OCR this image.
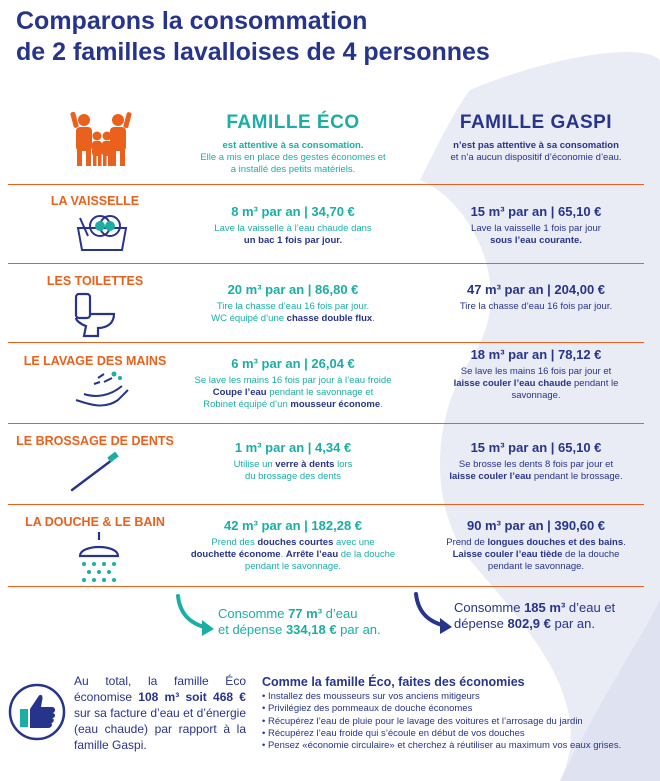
Comparons la consommation
de 2 familles lavalloises de 4 personnes
FAMILLE ÉCO
est attentive à sa consomation.
Elle a mis en place des gestes économes et
a installé des petits matériels.
FAMILLE GASPI
n’est pas attentive à sa consomation
et n’a aucun dispositif d’économie d’eau.
LA VAISSELLE
8 m³ par an | 34,70 €
Lave la vaisselle à l’eau chaude dans
un bac 1 fois par jour.
15 m³ par an | 65,10 €
Lave la vaisselle 1 fois par jour
sous l’eau courante.
LES TOILETTES
20 m³ par an | 86,80 €
Tire la chasse d’eau 16 fois par jour.
WC équipé d’une chasse double flux.
47 m³ par an | 204,00 €
Tire la chasse d’eau 16 fois par jour.
LE LAVAGE DES MAINS	6 m³ par an | 26,04 €
Se lave les mains 16 fois par jour à l’eau froide
Coupe l’eau pendant le savonnage et
Robinet équipé d’un mousseur économe.
18 m³ par an | 78,12 €
Se lave les mains 16 fois par jour et
laisse couler l’eau chaude pendant le
savonnage.
LE BROSSAGE DE DENTS	1 m³ par an | 4,34 €
Utilise un verre à dents lors
du brossage des dents
15 m³ par an | 65,10 €
Se brosse les dents 8 fois par jour et
laisse couler l’eau pendant le brossage.
LA DOUCHE & LE BAIN	42 m³ par an | 182,28 €
Prend des douches courtes avec une
douchette économe. Arrête l’eau de la douche
pendant le savonnage.
90 m³ par an | 390,60 €
Prend de longues douches et des bains.
Laisse couler l’eau tiède de la douche
pendant le savonnage.
Consomme 77 m³ d’eau
et dépense 334,18 € par an.
Consomme 185 m³ d’eau et
dépense 802,9 € par an.
Au total, la famille Éco économise 108 m³ soit 468 € sur sa facture d’eau et d’énergie (eau chaude) par rapport à la famille Gaspi.
Comme la famille Éco, faites des économies
• Installez des mousseurs sur vos anciens mitigeurs
• Privilégiez des pommeaux de douche économes
• Récupérez l’eau de pluie pour le lavage des voitures et l’arrosage du jardin
• Récupérez l’eau froide qui s’écoule en début de vos douches
• Pensez «économie circulaire» et cherchez à réutiliser au maximum vos eaux grises.
